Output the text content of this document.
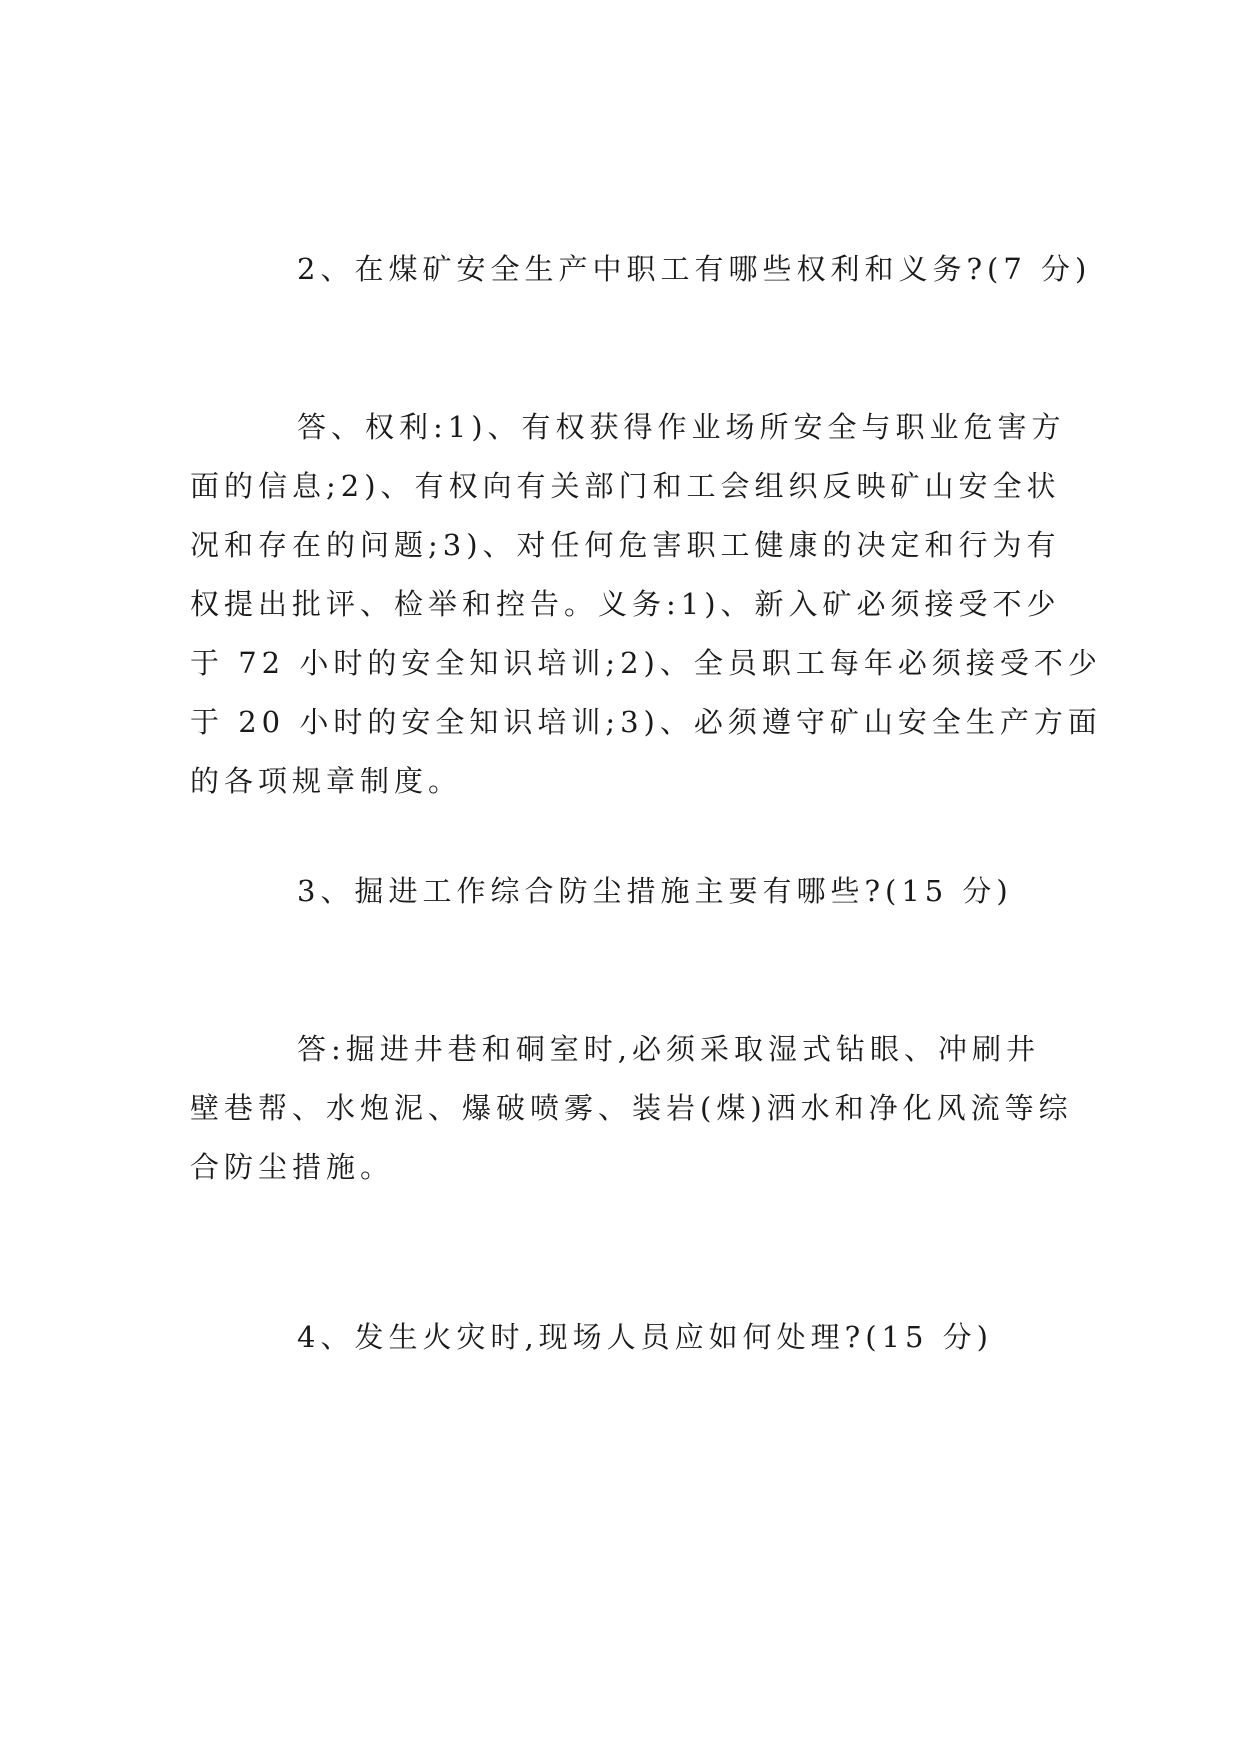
2、在煤矿安全生产中职工有哪些权利和义务?(7 分)

答、权利:1)、有权获得作业场所安全与职业危害方
面的信息;2)、有权向有关部门和工会组织反映矿山安全状
况和存在的问题;3)、对任何危害职工健康的决定和行为有
权提出批评、检举和控告。义务:1)、新入矿必须接受不少
于 72 小时的安全知识培训;2)、全员职工每年必须接受不少
于 20 小时的安全知识培训;3)、必须遵守矿山安全生产方面
的各项规章制度。

3、掘进工作综合防尘措施主要有哪些?(15 分)

答:掘进井巷和硐室时,必须采取湿式钻眼、冲刷井
壁巷帮、水炮泥、爆破喷雾、装岩(煤)洒水和净化风流等综
合防尘措施。

4、发生火灾时,现场人员应如何处理?(15 分)
